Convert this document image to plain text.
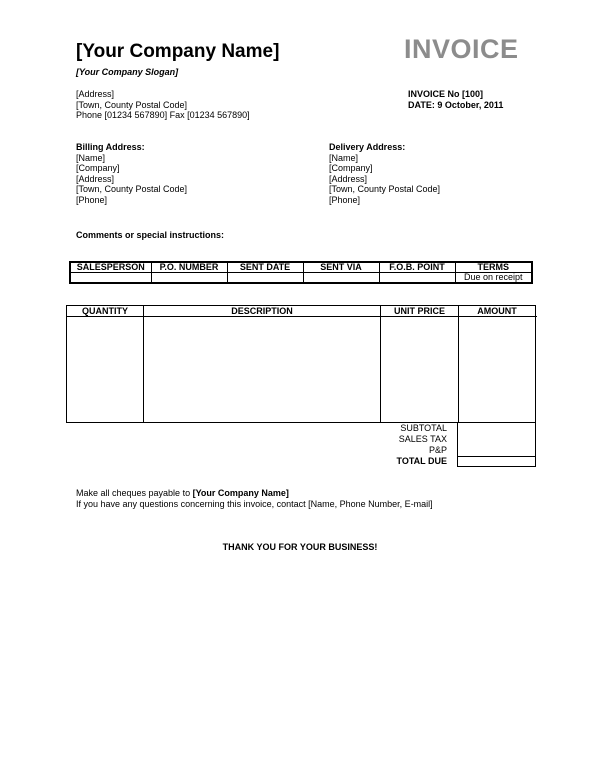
[Your Company Name]
[Your Company Slogan]
INVOICE
[Address]
[Town, County Postal Code]
Phone [01234 567890] Fax [01234 567890]
INVOICE No [100]
DATE: 9 October, 2011
Billing Address:
[Name]
[Company]
[Address]
[Town, County Postal Code]
[Phone]
Delivery Address:
[Name]
[Company]
[Address]
[Town, County Postal Code]
[Phone]
Comments or special instructions:
SALESPERSON	P.O. NUMBER	SENT DATE	SENT VIA	F.O.B. POINT	TERMS
					Due on receipt
QUANTITY	DESCRIPTION	UNIT PRICE	AMOUNT
SUBTOTAL
SALES TAX
P&P
TOTAL DUE
Make all cheques payable to [Your Company Name]
If you have any questions concerning this invoice, contact [Name, Phone Number, E-mail]
THANK YOU FOR YOUR BUSINESS!
